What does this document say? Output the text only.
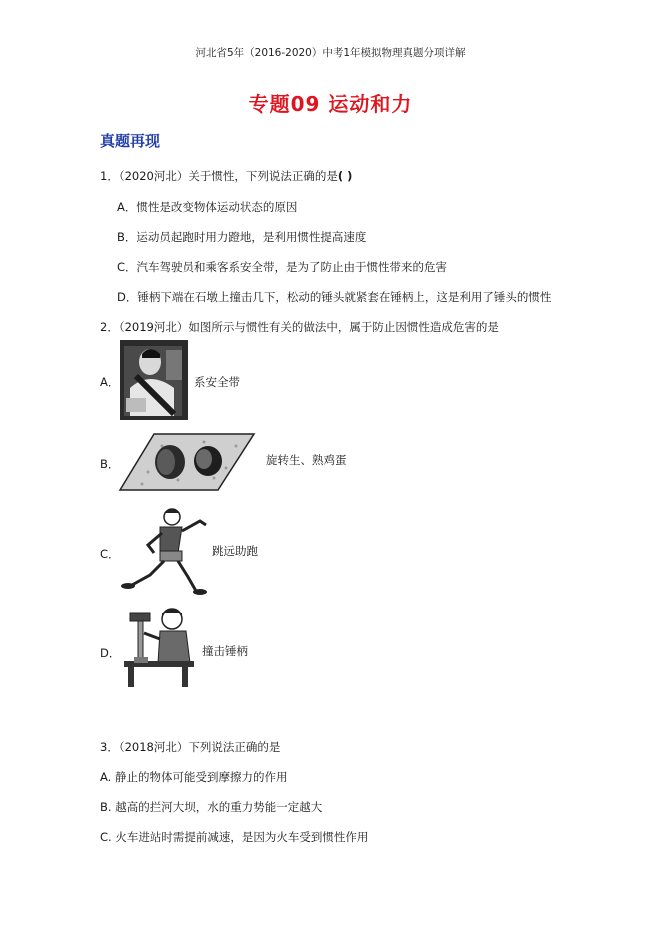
河北省5年（2016-2020）中考1年模拟物理真题分项详解
专题09 运动和力
真题再现
1．（2020河北）关于惯性，下列说法正确的是( )
A．惯性是改变物体运动状态的原因
B．运动员起跑时用力蹬地，是利用惯性提高速度
C．汽车驾驶员和乘客系安全带，是为了防止由于惯性带来的危害
D．锤柄下端在石墩上撞击几下，松动的锤头就紧套在锤柄上，这是利用了锤头的惯性
2．（2019河北）如图所示与惯性有关的做法中，属于防止因惯性造成危害的是
A．	系安全带
B．	旋转生、熟鸡蛋
C．	跳远助跑
D．	撞击锤柄
3．（2018河北）下列说法正确的是
A. 静止的物体可能受到摩擦力的作用
B. 越高的拦河大坝，水的重力势能一定越大
C. 火车进站时需提前减速，是因为火车受到惯性作用
